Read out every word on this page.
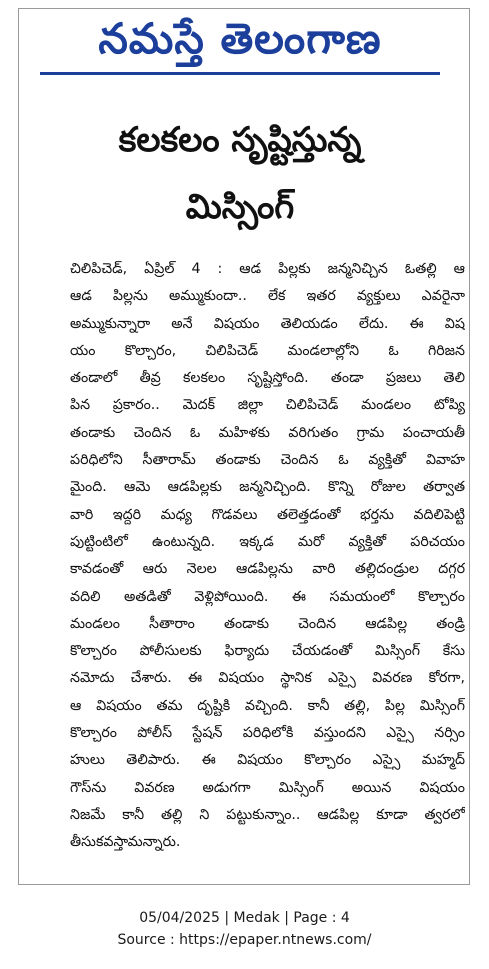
నమస్తే తెలంగాణ
కలకలం సృష్టిస్తున్న
మిస్సింగ్
చిలిపిచెడ్, ఏప్రిల్ 4 : ఆడ పిల్లకు జన్మనిచ్చిన ఓతల్లి ఆ
ఆడ పిల్లను అమ్ముకుందా.. లేక ఇతర వ్యక్తులు ఎవరైనా
అమ్ముకున్నారా అనే విషయం తెలియడం లేదు. ఈ విష
యం కొల్చారం, చిలిపిచెడ్ మండలాల్లోని ఓ గిరిజన
తండాలో తీవ్ర కలకలం సృష్టిస్తోంది. తండా ప్రజలు తెలి
పిన ప్రకారం.. మెదక్ జిల్లా చిలిపిచెడ్ మండలం టోప్యి
తండాకు చెందిన ఓ మహిళకు వరిగుతం గ్రామ పంచాయతీ
పరిధిలోని సీతారామ్ తండాకు చెందిన ఓ వ్యక్తితో వివాహ
మైంది. ఆమె ఆడపిల్లకు జన్మనిచ్చింది. కొన్ని రోజుల తర్వాత
వారి ఇద్దరి మధ్య గొడవలు తలెత్తడంతో భర్తను వదిలిపెట్టి
పుట్టింటిలో ఉంటున్నది. ఇక్కడ మరో వ్యక్తితో పరిచయం
కావడంతో ఆరు నెలల ఆడపిల్లను వారి తల్లిదండ్రుల దగ్గర
వదిలి అతడితో వెళ్లిపోయింది. ఈ సమయంలో కొల్చారం
మండలం సీతారాం తండాకు చెందిన ఆడపిల్ల తండ్రి
కొల్చారం పోలీసులకు ఫిర్యాదు చేయడంతో మిస్సింగ్ కేసు
నమోదు చేశారు. ఈ విషయం స్థానిక ఎస్సై వివరణ కోరగా,
ఆ విషయం తమ దృష్టికి వచ్చింది. కానీ తల్లి, పిల్ల మిస్సింగ్
కొల్చారం పోలీస్ స్టేషన్ పరిధిలోకి వస్తుందని ఎస్సై నర్సిం
హులు తెలిపారు. ఈ విషయం కొల్చారం ఎస్సై మహ్మద్
గౌస్‌ను వివరణ అడుగగా మిస్సింగ్ అయిన విషయం
నిజమే కానీ తల్లి ని పట్టుకున్నాం.. ఆడపిల్ల కూడా త్వరలో
తీసుకవస్తామన్నారు.
05/04/2025 | Medak | Page : 4
Source : https://epaper.ntnews.com/
